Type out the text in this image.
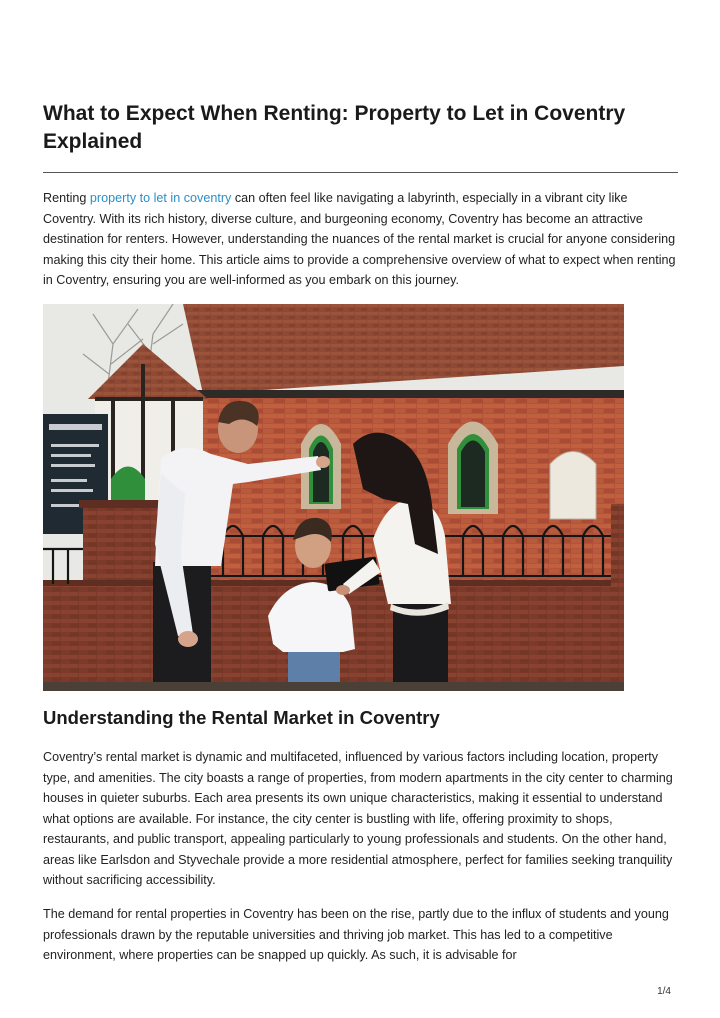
What to Expect When Renting: Property to Let in Coventry Explained

Renting property to let in coventry can often feel like navigating a labyrinth, especially in a vibrant city like Coventry. With its rich history, diverse culture, and burgeoning economy, Coventry has become an attractive destination for renters. However, understanding the nuances of the rental market is crucial for anyone considering making this city their home. This article aims to provide a comprehensive overview of what to expect when renting in Coventry, ensuring you are well-informed as you embark on this journey.

Understanding the Rental Market in Coventry

Coventry’s rental market is dynamic and multifaceted, influenced by various factors including location, property type, and amenities. The city boasts a range of properties, from modern apartments in the city center to charming houses in quieter suburbs. Each area presents its own unique characteristics, making it essential to understand what options are available. For instance, the city center is bustling with life, offering proximity to shops, restaurants, and public transport, appealing particularly to young professionals and students. On the other hand, areas like Earlsdon and Styvechale provide a more residential atmosphere, perfect for families seeking tranquility without sacrificing accessibility.

The demand for rental properties in Coventry has been on the rise, partly due to the influx of students and young professionals drawn by the reputable universities and thriving job market. This has led to a competitive environment, where properties can be snapped up quickly. As such, it is advisable for

1/4
